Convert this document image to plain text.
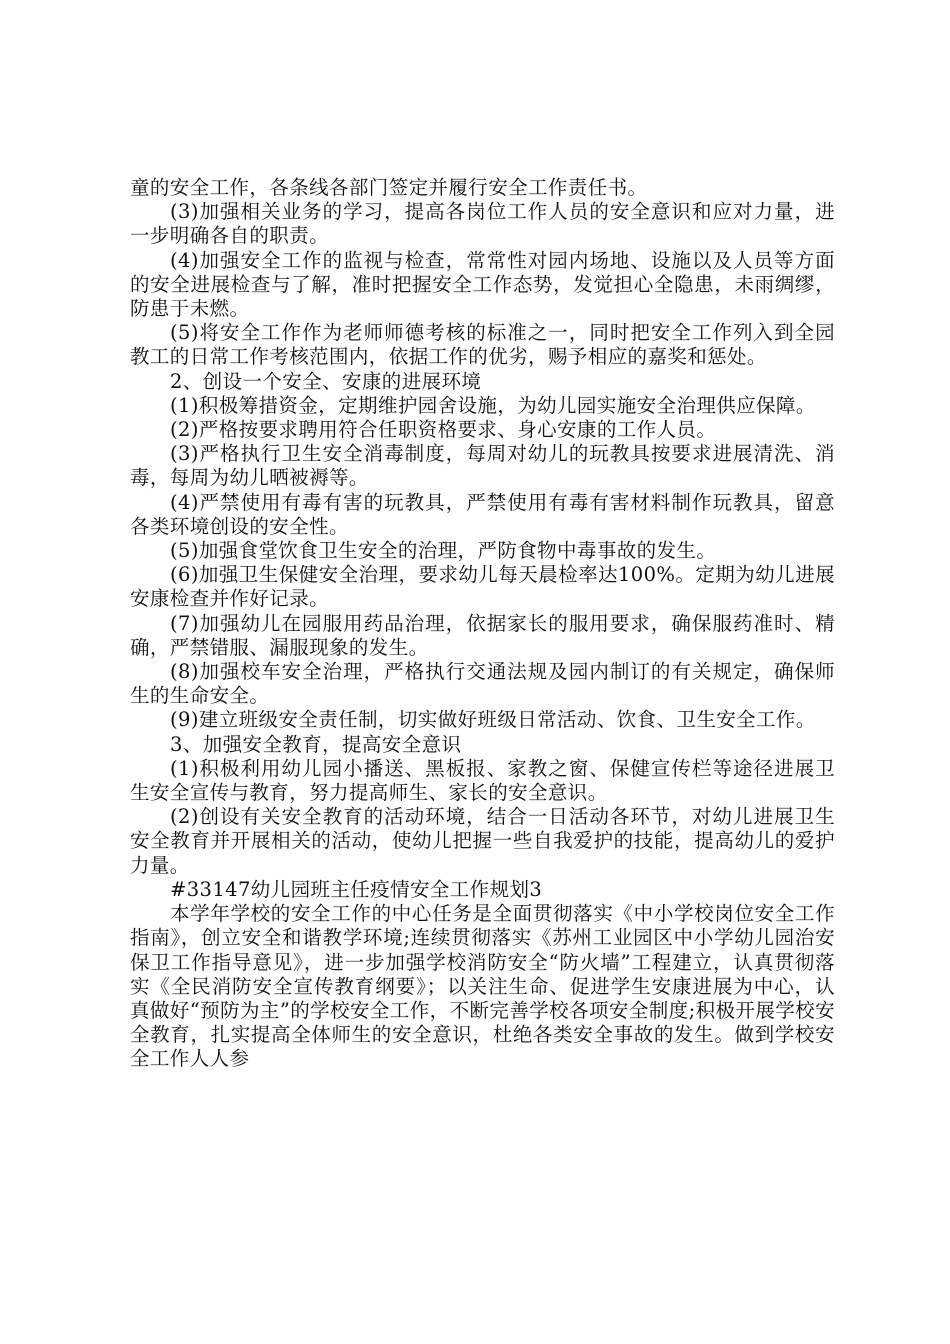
童的安全工作，各条线各部门签定并履行安全工作责任书。

(3)加强相关业务的学习，提高各岗位工作人员的安全意识和应对力量，进一步明确各自的职责。

(4)加强安全工作的监视与检查，常常性对园内场地、设施以及人员等方面的安全进展检查与了解，准时把握安全工作态势，发觉担心全隐患，未雨绸缪，防患于未燃。

(5)将安全工作作为老师师德考核的标准之一，同时把安全工作列入到全园教工的日常工作考核范围内，依据工作的优劣，赐予相应的嘉奖和惩处。

2、创设一个安全、安康的进展环境

(1)积极筹措资金，定期维护园舍设施，为幼儿园实施安全治理供应保障。

(2)严格按要求聘用符合任职资格要求、身心安康的工作人员。

(3)严格执行卫生安全消毒制度，每周对幼儿的玩教具按要求进展清洗、消毒，每周为幼儿晒被褥等。

(4)严禁使用有毒有害的玩教具，严禁使用有毒有害材料制作玩教具，留意各类环境创设的安全性。

(5)加强食堂饮食卫生安全的治理，严防食物中毒事故的发生。

(6)加强卫生保健安全治理，要求幼儿每天晨检率达100%。定期为幼儿进展安康检查并作好记录。

(7)加强幼儿在园服用药品治理，依据家长的服用要求，确保服药准时、精确，严禁错服、漏服现象的发生。

(8)加强校车安全治理，严格执行交通法规及园内制订的有关规定，确保师生的生命安全。

(9)建立班级安全责任制，切实做好班级日常活动、饮食、卫生安全工作。

3、加强安全教育，提高安全意识

(1)积极利用幼儿园小播送、黑板报、家教之窗、保健宣传栏等途径进展卫生安全宣传与教育，努力提高师生、家长的安全意识。

(2)创设有关安全教育的活动环境，结合一日活动各环节，对幼儿进展卫生安全教育并开展相关的活动，使幼儿把握一些自我爱护的技能，提高幼儿的爱护力量。

#33147幼儿园班主任疫情安全工作规划3

本学年学校的安全工作的中心任务是全面贯彻落实《中小学校岗位安全工作指南》，创立安全和谐教学环境;连续贯彻落实《苏州工业园区中小学幼儿园治安保卫工作指导意见》，进一步加强学校消防安全“防火墙”工程建立，认真贯彻落实《全民消防安全宣传教育纲要》；以关注生命、促进学生安康进展为中心，认真做好“预防为主”的学校安全工作，不断完善学校各项安全制度;积极开展学校安全教育，扎实提高全体师生的安全意识，杜绝各类安全事故的发生。做到学校安全工作人人参
